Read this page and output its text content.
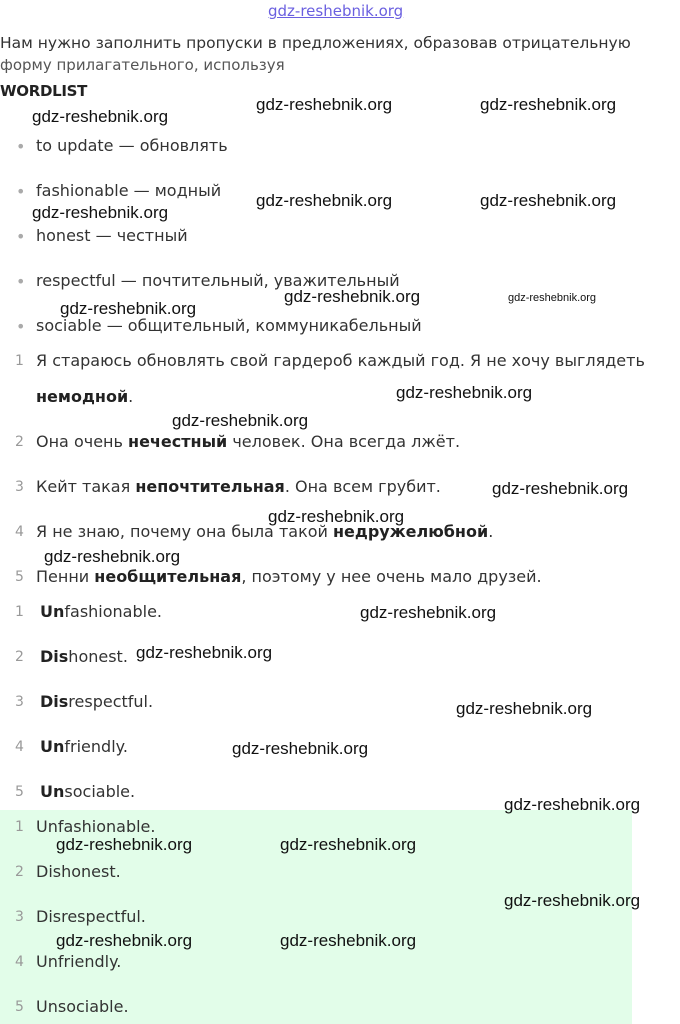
gdz-reshebnik.org
Нам нужно заполнить пропуски в предложениях, образовав отрицательную
форму прилагательного, используя
WORDLIST
• to update — обновлять
• fashionable — модный
• honest — честный
• respectful — почтительный, уважительный
• sociable — общительный, коммуникабельный
1 Я стараюсь обновлять свой гардероб каждый год. Я не хочу выглядеть
немодной.
2 Она очень нечестный человек. Она всегда лжёт.
3 Кейт такая непочтительная. Она всем грубит.
4 Я не знаю, почему она была такой недружелюбной.
5 Пенни необщительная, поэтому у нее очень мало друзей.
1 Unfashionable.
2 Dishonest.
3 Disrespectful.
4 Unfriendly.
5 Unsociable.
1 Unfashionable.
2 Dishonest.
3 Disrespectful.
4 Unfriendly.
5 Unsociable.
gdz-reshebnik.org	gdz-reshebnik.org
gdz-reshebnik.org
gdz-reshebnik.org	gdz-reshebnik.org
gdz-reshebnik.org
gdz-reshebnik.org	gdz-reshebnik.org
gdz-reshebnik.org
gdz-reshebnik.org
gdz-reshebnik.org
gdz-reshebnik.org
gdz-reshebnik.org
gdz-reshebnik.org
gdz-reshebnik.org
gdz-reshebnik.org
gdz-reshebnik.org
gdz-reshebnik.org
gdz-reshebnik.org
gdz-reshebnik.org	gdz-reshebnik.org
gdz-reshebnik.org
gdz-reshebnik.org	gdz-reshebnik.org
